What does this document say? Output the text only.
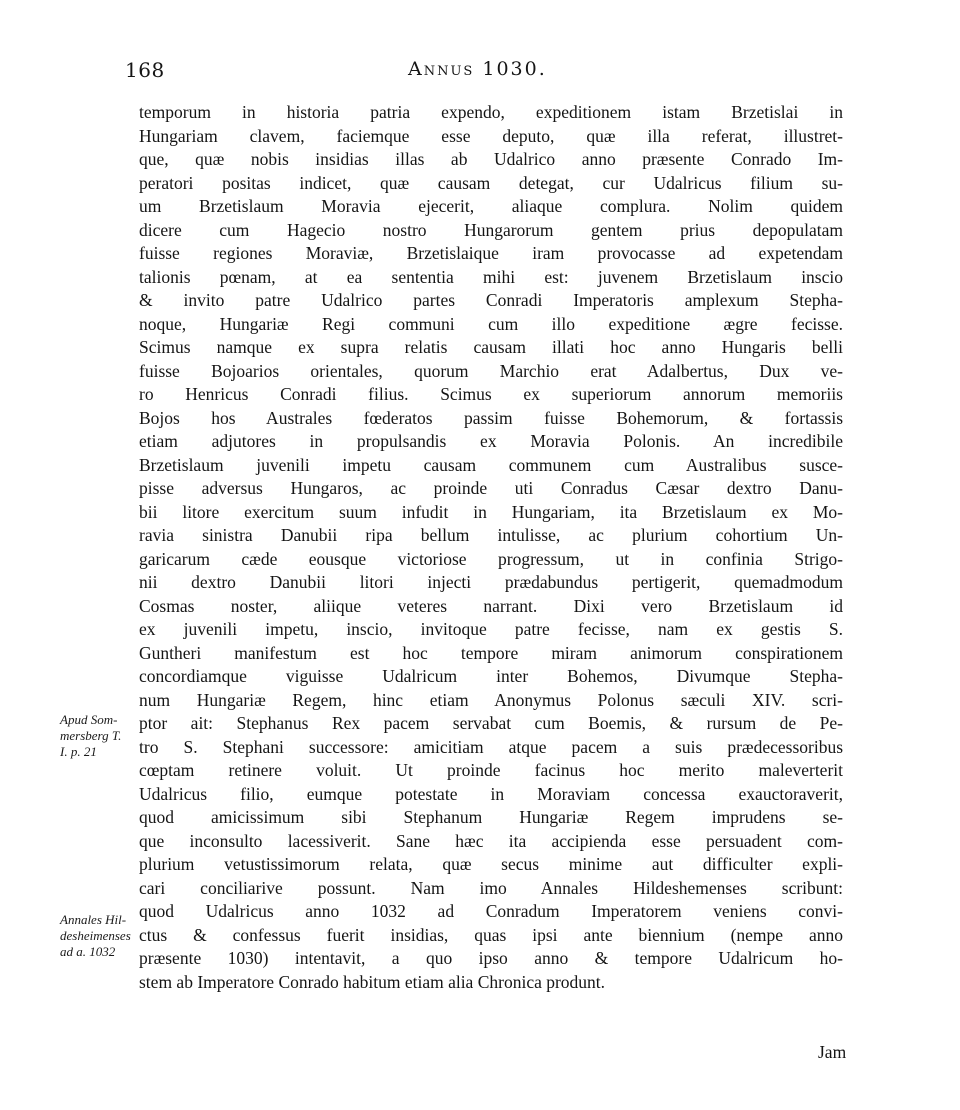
168	Annus 1030.
temporum in historia patria expendo, expeditionem istam Brzetislai in
Hungariam clavem, faciemque esse deputo, quæ illa referat, illustret-
que, quæ nobis insidias illas ab Udalrico anno præsente Conrado Im-
peratori positas indicet, quæ causam detegat, cur Udalricus filium su-
um Brzetislaum Moravia ejecerit, aliaque complura. Nolim quidem
dicere cum Hagecio nostro Hungarorum gentem prius depopulatam
fuisse regiones Moraviæ, Brzetislaique iram provocasse ad expetendam
talionis pœnam, at ea sententia mihi est: juvenem Brzetislaum inscio
& invito patre Udalrico partes Conradi Imperatoris amplexum Stepha-
noque, Hungariæ Regi communi cum illo expeditione ægre fecisse.
Scimus namque ex supra relatis causam illati hoc anno Hungaris belli
fuisse Bojoarios orientales, quorum Marchio erat Adalbertus, Dux ve-
ro Henricus Conradi filius. Scimus ex superiorum annorum memoriis
Bojos hos Australes fœderatos passim fuisse Bohemorum, & fortassis
etiam adjutores in propulsandis ex Moravia Polonis. An incredibile
Brzetislaum juvenili impetu causam communem cum Australibus susce-
pisse adversus Hungaros, ac proinde uti Conradus Cæsar dextro Danu-
bii litore exercitum suum infudit in Hungariam, ita Brzetislaum ex Mo-
ravia sinistra Danubii ripa bellum intulisse, ac plurium cohortium Un-
garicarum cæde eousque victoriose progressum, ut in confinia Strigo-
nii dextro Danubii litori injecti prædabundus pertigerit, quemadmodum
Cosmas noster, aliique veteres narrant. Dixi vero Brzetislaum id
ex juvenili impetu, inscio, invitoque patre fecisse, nam ex gestis S.
Guntheri manifestum est hoc tempore miram animorum conspirationem
concordiamque viguisse Udalricum inter Bohemos, Divumque Stepha-
num Hungariæ Regem, hinc etiam Anonymus Polonus sæculi XIV. scri-
ptor ait: Stephanus Rex pacem servabat cum Boemis, & rursum de Pe-
tro S. Stephani successore: amicitiam atque pacem a suis prædecessoribus
cœptam retinere voluit. Ut proinde facinus hoc merito maleverterit
Udalricus filio, eumque potestate in Moraviam concessa exauctoraverit,
quod amicissimum sibi Stephanum Hungariæ Regem imprudens se-
que inconsulto lacessiverit. Sane hæc ita accipienda esse persuadent com-
plurium vetustissimorum relata, quæ secus minime aut difficulter expli-
cari conciliarive possunt. Nam imo Annales Hildeshemenses scribunt:
quod Udalricus anno 1032 ad Conradum Imperatorem veniens convi-
ctus & confessus fuerit insidias, quas ipsi ante biennium (nempe anno
præsente 1030) intentavit, a quo ipso anno & tempore Udalricum ho-
stem ab Imperatore Conrado habitum etiam alia Chronica produnt.
Apud Som-
mersberg T.
I. p. 21
Annales Hil-
desheimenses
ad a. 1032
Jam
